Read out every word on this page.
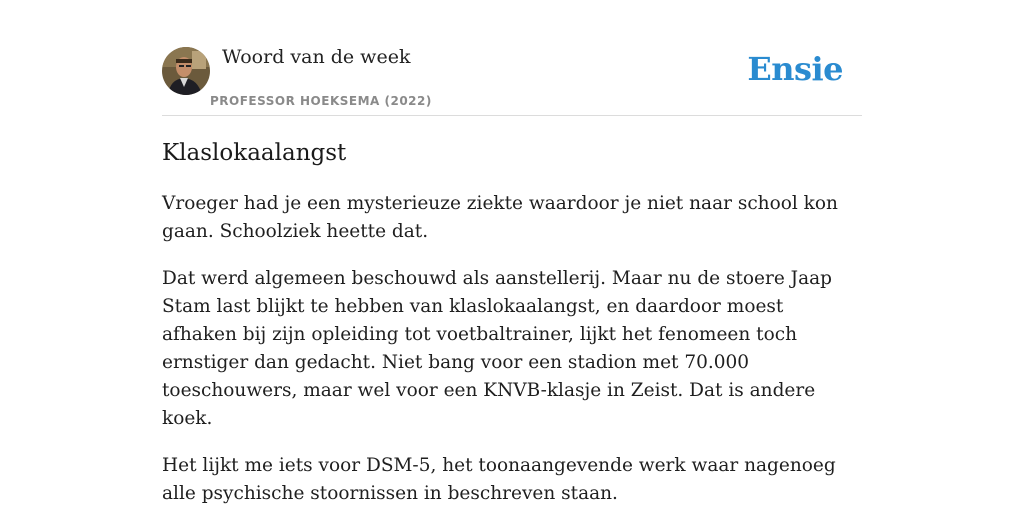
Woord van de week
PROFESSOR HOEKSEMA (2022)
Ensie
Klaslokaalangst

Vroeger had je een mysterieuze ziekte waardoor je niet naar school kon gaan. Schoolziek heette dat.

Dat werd algemeen beschouwd als aanstellerij. Maar nu de stoere Jaap Stam last blijkt te hebben van klaslokaalangst, en daardoor moest afhaken bij zijn opleiding tot voetbaltrainer, lijkt het fenomeen toch ernstiger dan gedacht. Niet bang voor een stadion met 70.000 toeschouwers, maar wel voor een KNVB-klasje in Zeist. Dat is andere koek.

Het lijkt me iets voor DSM-5, het toonaangevende werk waar nagenoeg alle psychische stoornissen in beschreven staan.
